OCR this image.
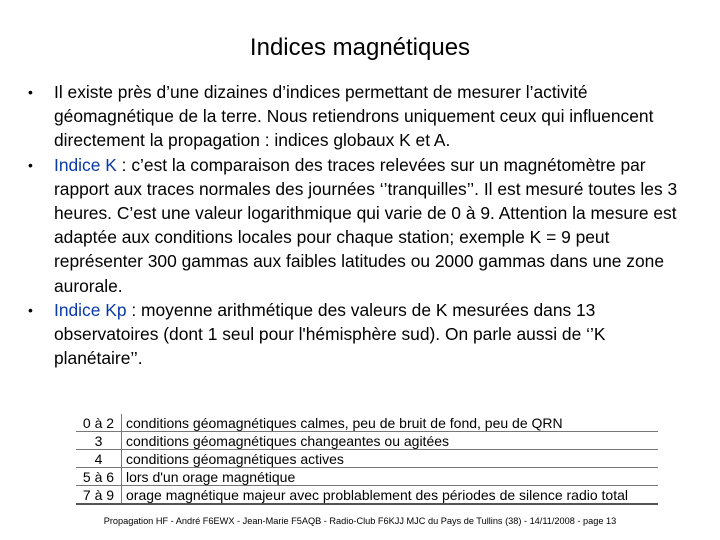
Indices magnétiques
• Il existe près d’une dizaines d’indices permettant de mesurer l’activité géomagnétique de la terre. Nous retiendrons uniquement ceux qui influencent directement la propagation : indices globaux K et A.
• Indice K : c’est la comparaison des traces relevées sur un magnétomètre par rapport aux traces normales des journées ‘’tranquilles’’. Il est mesuré toutes les 3 heures. C’est une valeur logarithmique qui varie de 0 à 9. Attention la mesure est adaptée aux conditions locales pour chaque station; exemple K = 9 peut représenter 300 gammas aux faibles latitudes ou 2000 gammas dans une zone aurorale.
• Indice Kp : moyenne arithmétique des valeurs de K mesurées dans 13 observatoires (dont 1 seul pour l'hémisphère sud). On parle aussi de ‘’K planétaire’’.
0 à 2	conditions géomagnétiques calmes, peu de bruit de fond, peu de QRN
3	conditions géomagnétiques changeantes ou agitées
4	conditions géomagnétiques actives
5 à 6	lors d'un orage magnétique
7 à 9	orage magnétique majeur avec problablement des périodes de silence radio total
Propagation HF - André F6EWX - Jean-Marie F5AQB - Radio-Club F6KJJ MJC du Pays de Tullins (38) - 14/11/2008 - page 13
